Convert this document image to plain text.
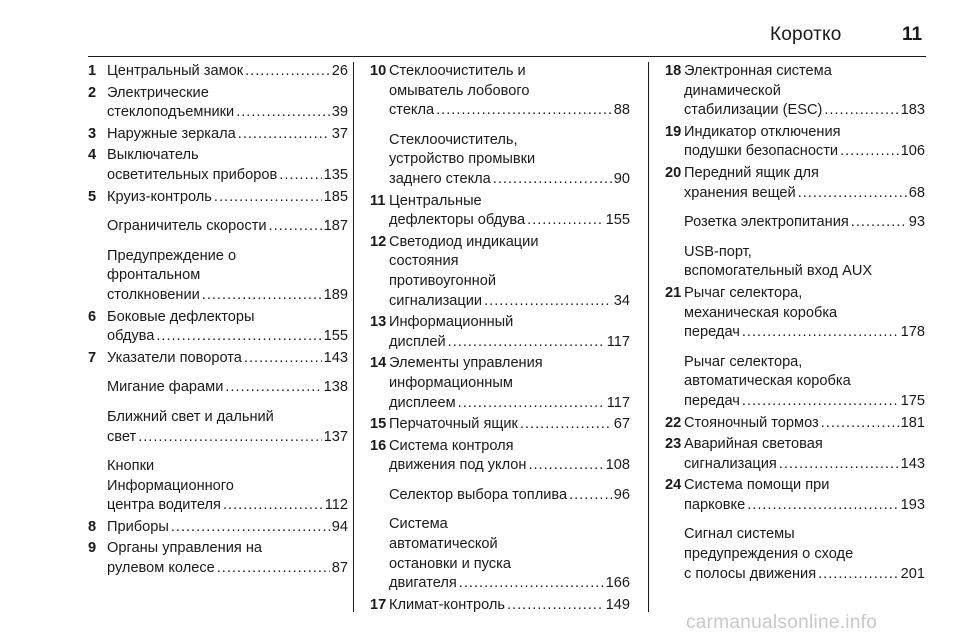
Коротко	11
1 Центральный замок .....	26
2 Электрические
стеклоподъемники .....	39
3 Наружные зеркала .....	37
4 Выключатель
осветительных приборов .....	135
5 Круиз-контроль .....	185
Ограничитель скорости .....	187
Предупреждение о
фронтальном
столкновении .....	189
6 Боковые дефлекторы
обдува .....	155
7 Указатели поворота .....	143
Мигание фарами .....	138
Ближний свет и дальний
свет .....	137
Кнопки
Информационного
центра водителя .....	112
8 Приборы .....	94
9 Органы управления на
рулевом колесе .....	87
10 Стеклоочиститель и
омыватель лобового
стекла .....	88
Стеклоочиститель,
устройство промывки
заднего стекла .....	90
11 Центральные
дефлекторы обдува .....	155
12 Светодиод индикации
состояния
противоугонной
сигнализации .....	34
13 Информационный
дисплей .....	117
14 Элементы управления
информационным
дисплеем .....	117
15 Перчаточный ящик .....	67
16 Система контроля
движения под уклон .....	108
Селектор выбора топлива .....	96
Система
автоматической
остановки и пуска
двигателя .....	166
17 Климат-контроль .....	149
18 Электронная система
динамической
стабилизации (ESC) .....	183
19 Индикатор отключения
подушки безопасности .....	106
20 Передний ящик для
хранения вещей .....	68
Розетка электропитания .....	93
USB-порт,
вспомогательный вход AUX
21 Рычаг селектора,
механическая коробка
передач .....	178
Рычаг селектора,
автоматическая коробка
передач .....	175
22 Стояночный тормоз .....	181
23 Аварийная световая
сигнализация .....	143
24 Система помощи при
парковке .....	193
Сигнал системы
предупреждения о сходе
с полосы движения .....	201
carmanualsonline.info
